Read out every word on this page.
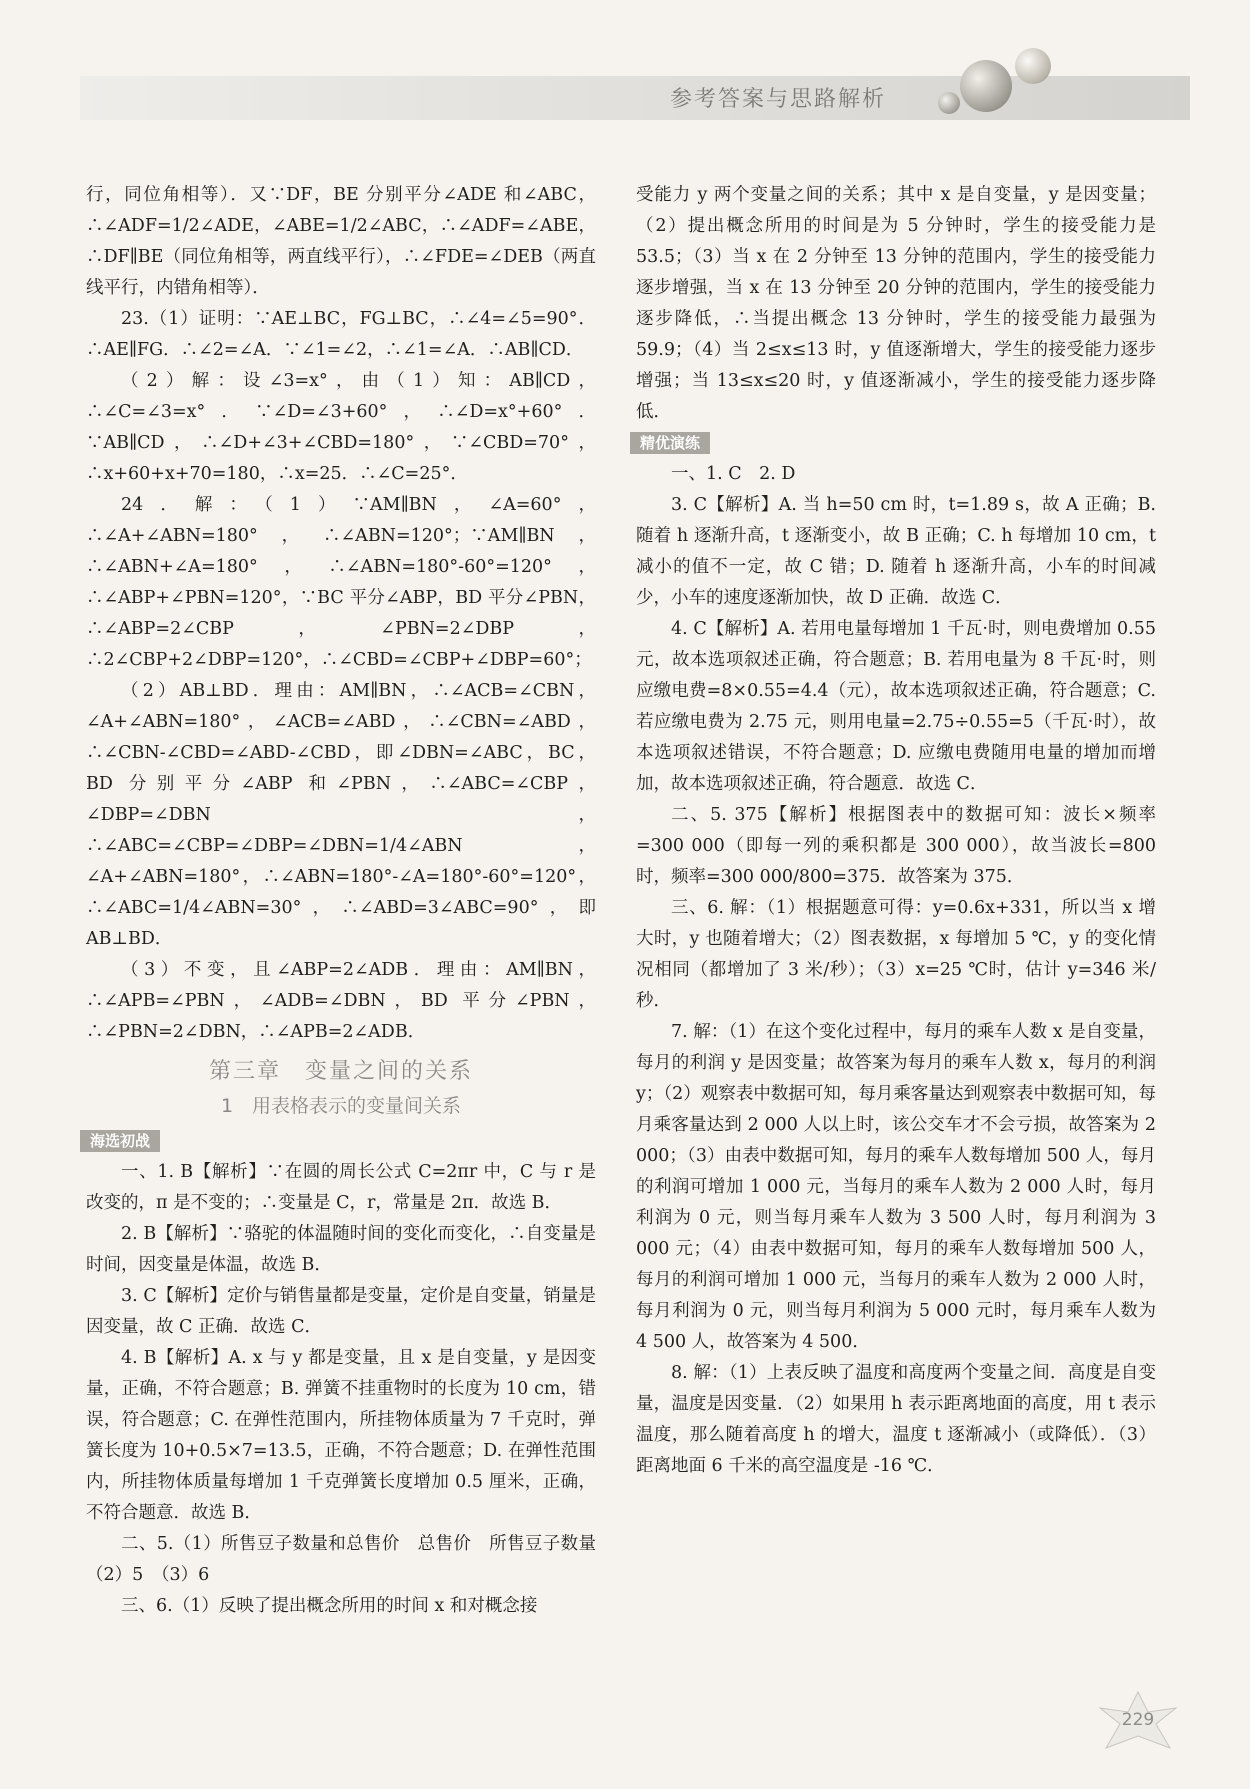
参考答案与思路解析

行，同位角相等）．又∵DF，BE 分别平分∠ADE 和∠ABC，∴∠ADF=1/2∠ADE，∠ABE=1/2∠ABC，∴∠ADF=∠ABE，∴DF∥BE（同位角相等，两直线平行），∴∠FDE=∠DEB（两直线平行，内错角相等）．

23.（1）证明：∵AE⊥BC，FG⊥BC，∴∠4=∠5=90°．∴AE∥FG．∴∠2=∠A．∵∠1=∠2，∴∠1=∠A．∴AB∥CD．

（2）解：设∠3=x°，由（1）知：AB∥CD，∴∠C=∠3=x°．∵∠D=∠3+60°，∴∠D=x°+60°．∵AB∥CD，∴∠D+∠3+∠CBD=180°，∵∠CBD=70°，∴x+60+x+70=180，∴x=25．∴∠C=25°．

24．解：（1）∵AM∥BN，∠A=60°，∴∠A+∠ABN=180°，∴∠ABN=120°；∵AM∥BN，∴∠ABN+∠A=180°，∴∠ABN=180°-60°=120°，∴∠ABP+∠PBN=120°，∵BC 平分∠ABP，BD 平分∠PBN，∴∠ABP=2∠CBP，∠PBN=2∠DBP，∴2∠CBP+2∠DBP=120°，∴∠CBD=∠CBP+∠DBP=60°；

（2）AB⊥BD．理由：AM∥BN，∴∠ACB=∠CBN，∠A+∠ABN=180°，∠ACB=∠ABD，∴∠CBN=∠ABD，∴∠CBN-∠CBD=∠ABD-∠CBD，即∠DBN=∠ABC，BC，BD 分别平分∠ABP 和∠PBN，∴∠ABC=∠CBP，∠DBP=∠DBN，∴∠ABC=∠CBP=∠DBP=∠DBN=1/4∠ABN，∠A+∠ABN=180°，∴∠ABN=180°-∠A=180°-60°=120°，∴∠ABC=1/4∠ABN=30°，∴∠ABD=3∠ABC=90°，即 AB⊥BD．

（3）不变，且∠ABP=2∠ADB．理由：AM∥BN，∴∠APB=∠PBN，∠ADB=∠DBN，BD 平分∠PBN，∴∠PBN=2∠DBN，∴∠APB=2∠ADB．

第三章　变量之间的关系
1　用表格表示的变量间关系
海选初战

一、1. B【解析】∵在圆的周长公式 C=2πr 中，C 与 r 是改变的，π 是不变的；∴变量是 C，r，常量是 2π．故选 B．

2. B【解析】∵骆驼的体温随时间的变化而变化，∴自变量是时间，因变量是体温，故选 B．

3. C【解析】定价与销售量都是变量，定价是自变量，销量是因变量，故 C 正确．故选 C．

4. B【解析】A. x 与 y 都是变量，且 x 是自变量，y 是因变量，正确，不符合题意；B. 弹簧不挂重物时的长度为 10 cm，错误，符合题意；C. 在弹性范围内，所挂物体质量为 7 千克时，弹簧长度为 10+0.5×7=13.5，正确，不符合题意；D. 在弹性范围内，所挂物体质量每增加 1 千克弹簧长度增加 0.5 厘米，正确，不符合题意．故选 B．

二、5.（1）所售豆子数量和总售价　总售价　所售豆子数量　（2）5　（3）6

三、6.（1）反映了提出概念所用的时间 x 和对概念接

受能力 y 两个变量之间的关系；其中 x 是自变量，y 是因变量；（2）提出概念所用的时间是为 5 分钟时，学生的接受能力是 53.5；（3）当 x 在 2 分钟至 13 分钟的范围内，学生的接受能力逐步增强，当 x 在 13 分钟至 20 分钟的范围内，学生的接受能力逐步降低，∴当提出概念 13 分钟时，学生的接受能力最强为 59.9；（4）当 2≤x≤13 时，y 值逐渐增大，学生的接受能力逐步增强；当 13≤x≤20 时，y 值逐渐减小，学生的接受能力逐步降低．

精优演练

一、1. C　2. D

3. C【解析】A. 当 h=50 cm 时，t=1.89 s，故 A 正确；B. 随着 h 逐渐升高，t 逐渐变小，故 B 正确；C. h 每增加 10 cm，t 减小的值不一定，故 C 错；D. 随着 h 逐渐升高，小车的时间减少，小车的速度逐渐加快，故 D 正确．故选 C．

4. C【解析】A. 若用电量每增加 1 千瓦·时，则电费增加 0.55 元，故本选项叙述正确，符合题意；B. 若用电量为 8 千瓦·时，则应缴电费=8×0.55=4.4（元），故本选项叙述正确，符合题意；C. 若应缴电费为 2.75 元，则用电量=2.75÷0.55=5（千瓦·时），故本选项叙述错误，不符合题意；D. 应缴电费随用电量的增加而增加，故本选项叙述正确，符合题意．故选 C．

二、5. 375【解析】根据图表中的数据可知：波长×频率=300 000（即每一列的乘积都是 300 000），故当波长=800 时，频率=300 000/800=375．故答案为 375．

三、6. 解：（1）根据题意可得：y=0.6x+331，所以当 x 增大时，y 也随着增大；（2）图表数据，x 每增加 5 ℃，y 的变化情况相同（都增加了 3 米/秒）；（3）x=25 ℃时，估计 y=346 米/秒．

7. 解：（1）在这个变化过程中，每月的乘车人数 x 是自变量，每月的利润 y 是因变量；故答案为每月的乘车人数 x，每月的利润 y；（2）观察表中数据可知，每月乘客量达到观察表中数据可知，每月乘客量达到 2 000 人以上时，该公交车才不会亏损，故答案为 2 000；（3）由表中数据可知，每月的乘车人数每增加 500 人，每月的利润可增加 1 000 元，当每月的乘车人数为 2 000 人时，每月利润为 0 元，则当每月乘车人数为 3 500 人时，每月利润为 3 000 元；（4）由表中数据可知，每月的乘车人数每增加 500 人，每月的利润可增加 1 000 元，当每月的乘车人数为 2 000 人时，每月利润为 0 元，则当每月利润为 5 000 元时，每月乘车人数为 4 500 人，故答案为 4 500．

8. 解：（1）上表反映了温度和高度两个变量之间．高度是自变量，温度是因变量．（2）如果用 h 表示距离地面的高度，用 t 表示温度，那么随着高度 h 的增大，温度 t 逐渐减小（或降低）．（3）距离地面 6 千米的高空温度是 -16 ℃．

229
